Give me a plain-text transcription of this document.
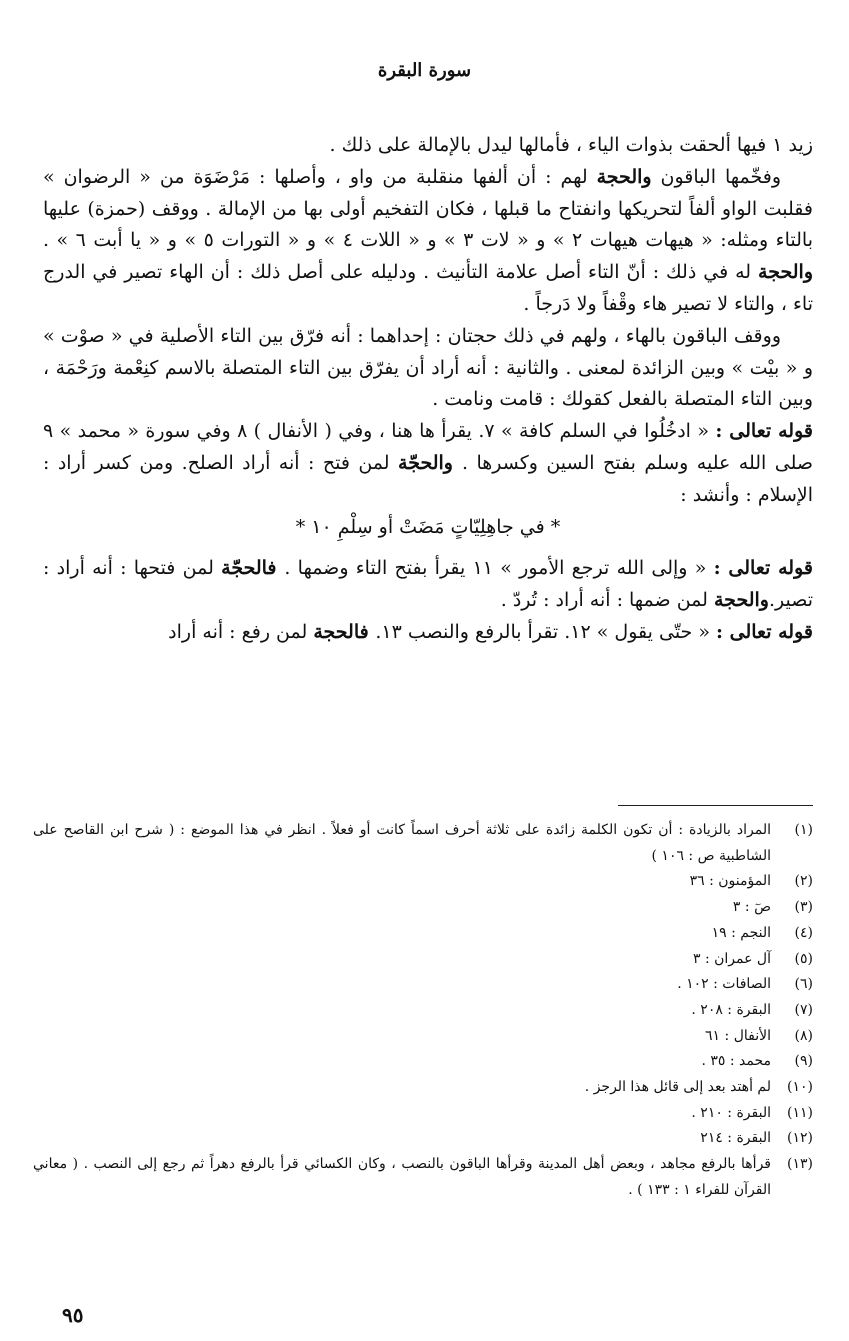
سورة البقرة

زيد ١ فيها ألحقت بذوات الياء ، فأمالها ليدل بالإمالة على ذلك .

وفخّمها الباقون والحجة لهم : أن ألفها منقلبة من واو ، وأصلها : مَرْضَوَة من « الرضوان » فقلبت الواو ألفاً لتحريكها وانفتاح ما قبلها ، فكان التفخيم أولى بها من الإمالة . ووقف (حمزة) عليها بالتاء ومثله: « هيهات هيهات ٢ » و « لات ٣ » و « اللات ٤ » و « التورات ٥ » و « يا أبت ٦ » . والحجة له في ذلك : أنّ التاء أصل علامة التأنيث . ودليله على أصل ذلك : أن الهاء تصير في الدرج تاء ، والتاء لا تصير هاء وقْفاً ولا دَرجاً .

ووقف الباقون بالهاء ، ولهم في ذلك حجتان : إحداهما : أنه فرّق بين التاء الأصلية في « صوْت » و « بيْت » وبين الزائدة لمعنى . والثانية : أنه أراد أن يفرّق بين التاء المتصلة بالاسم كنِعْمة ورَحْمَة ، وبين التاء المتصلة بالفعل كقولك : قامت ونامت .

قوله تعالى : « ادخُلُوا في السلم كافة » ٧. يقرأ ها هنا ، وفي ( الأنفال ) ٨ وفي سورة « محمد » ٩ صلى الله عليه وسلم بفتح السين وكسرها . والحجّة لمن فتح : أنه أراد الصلح. ومن كسر أراد : الإسلام : وأنشد :

* في جاهِلِيّاتٍ مَضَتْ أو سِلْمِ ١٠ *

قوله تعالى : « وإلى الله ترجع الأمور » ١١ يقرأ بفتح التاء وضمها . فالحجّة لمن فتحها : أنه أراد : تصير.والحجة لمن ضمها : أنه أراد : تُردّ .

قوله تعالى : « حتّى يقول » ١٢. تقرأ بالرفع والنصب ١٣. فالحجة لمن رفع : أنه أراد

(١)
المراد بالزيادة : أن تكون الكلمة زائدة على ثلاثة أحرف اسماً كانت أو فعلاً . انظر في هذا الموضع : ( شرح ابن القاصح على الشاطبية ص : ١٠٦ )
(٢)
المؤمنون : ٣٦
(٣)
صٓ : ٣
(٤)
النجم : ١٩
(٥)
آل عمران : ٣
(٦)
الصافات : ١٠٢ .
(٧)
البقرة : ٢٠٨ .
(٨)
الأنفال : ٦١
(٩)
محمد : ٣٥ .
(١٠)
لم أهتد بعد إلى قائل هذا الرجز .
(١١)
البقرة : ٢١٠ .
(١٢)
البقرة : ٢١٤
(١٣)
قرأها بالرفع مجاهد ، وبعض أهل المدينة وقرأها الباقون بالنصب ، وكان الكسائي قرأ بالرفع دهراً ثم رجع إلى النصب . ( معاني القرآن للفراء ١ : ١٣٣ ) .
٩٥
